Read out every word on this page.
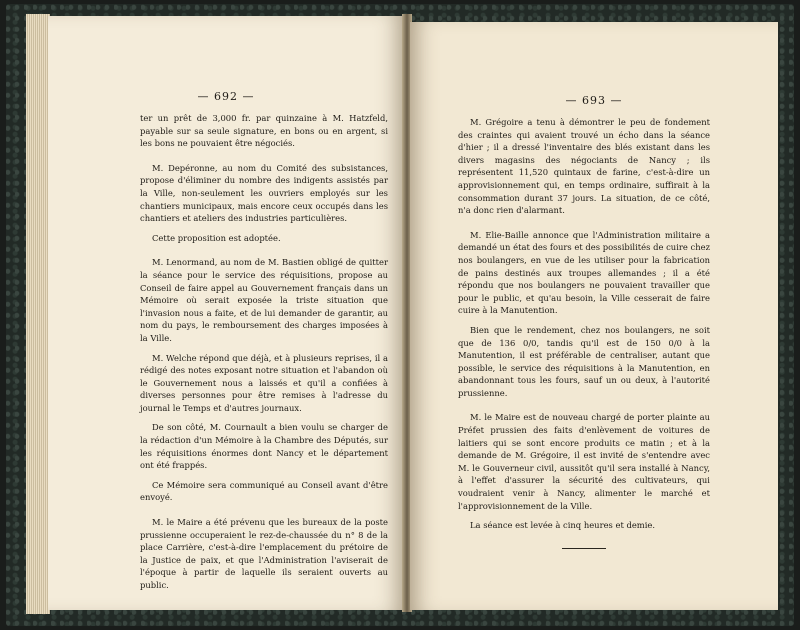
— 692 —

ter un prêt de 3,000 fr. par quinzaine à M. Hatzfeld, payable sur sa seule signature, en bons ou en argent, si les bons ne pouvaient être négociés.

M. Depéronne, au nom du Comité des subsistances, propose d'éliminer du nombre des indigents assistés par la Ville, non-seulement les ouvriers employés sur les chantiers municipaux, mais encore ceux occupés dans les chantiers et ateliers des industries particulières.

Cette proposition est adoptée.

M. Lenormand, au nom de M. Bastien obligé de quitter la séance pour le service des réquisitions, propose au Conseil de faire appel au Gouvernement français dans un Mémoire où serait exposée la triste situation que l'invasion nous a faite, et de lui demander de garantir, au nom du pays, le remboursement des charges imposées à la Ville.

M. Welche répond que déjà, et à plusieurs reprises, il a rédigé des notes exposant notre situation et l'abandon où le Gouvernement nous a laissés et qu'il a confiées à diverses personnes pour être remises à l'adresse du journal le Temps et d'autres journaux.

De son côté, M. Cournault a bien voulu se charger de la rédaction d'un Mémoire à la Chambre des Députés, sur les réquisitions énormes dont Nancy et le département ont été frappés.

Ce Mémoire sera communiqué au Conseil avant d'être envoyé.

M. le Maire a été prévenu que les bureaux de la poste prussienne occuperaient le rez-de-chaussée du n° 8 de la place Carrière, c'est-à-dire l'emplacement du prétoire de la Justice de paix, et que l'Administration l'aviserait de l'époque à partir de laquelle ils seraient ouverts au public.

— 693 —

M. Grégoire a tenu à démontrer le peu de fondement des craintes qui avaient trouvé un écho dans la séance d'hier ; il a dressé l'inventaire des blés existant dans les divers magasins des négociants de Nancy ; ils représentent 11,520 quintaux de farine, c'est-à-dire un approvisionnement qui, en temps ordinaire, suffirait à la consommation durant 37 jours. La situation, de ce côté, n'a donc rien d'alarmant.

M. Elie-Baille annonce que l'Administration militaire a demandé un état des fours et des possibilités de cuire chez nos boulangers, en vue de les utiliser pour la fabrication de pains destinés aux troupes allemandes ; il a été répondu que nos boulangers ne pouvaient travailler que pour le public, et qu'au besoin, la Ville cesserait de faire cuire à la Manutention.

Bien que le rendement, chez nos boulangers, ne soit que de 136 0/0, tandis qu'il est de 150 0/0 à la Manutention, il est préférable de centraliser, autant que possible, le service des réquisitions à la Manutention, en abandonnant tous les fours, sauf un ou deux, à l'autorité prussienne.

M. le Maire est de nouveau chargé de porter plainte au Préfet prussien des faits d'enlèvement de voitures de laitiers qui se sont encore produits ce matin ; et à la demande de M. Grégoire, il est invité de s'entendre avec M. le Gouverneur civil, aussitôt qu'il sera installé à Nancy, à l'effet d'assurer la sécurité des cultivateurs, qui voudraient venir à Nancy, alimenter le marché et l'approvisionnement de la Ville.

La séance est levée à cinq heures et demie.
